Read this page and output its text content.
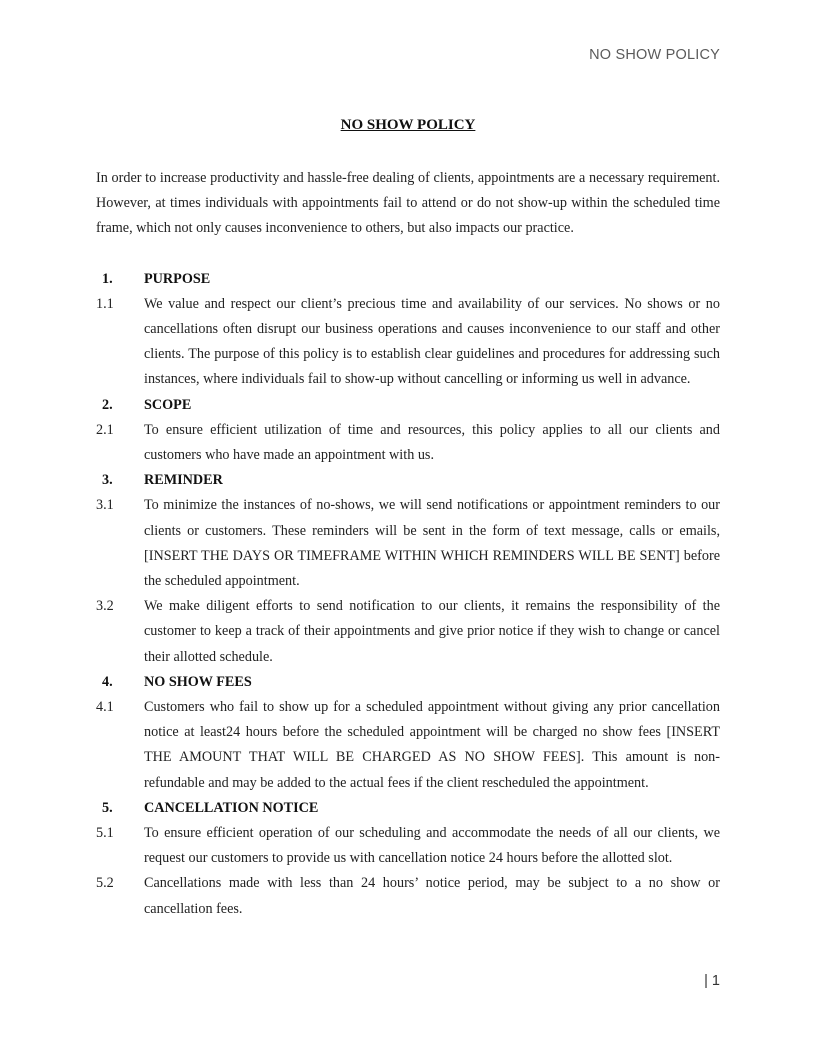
NO SHOW POLICY
NO SHOW POLICY

In order to increase productivity and hassle-free dealing of clients, appointments are a necessary requirement. However, at times individuals with appointments fail to attend or do not show-up within the scheduled time frame, which not only causes inconvenience to others, but also impacts our practice.

1.	PURPOSE
1.1	We value and respect our client’s precious time and availability of our services. No shows or no cancellations often disrupt our business operations and causes inconvenience to our staff and other clients. The purpose of this policy is to establish clear guidelines and procedures for addressing such instances, where individuals fail to show-up without cancelling or informing us well in advance.
2.	SCOPE
2.1	To ensure efficient utilization of time and resources, this policy applies to all our clients and customers who have made an appointment with us.
3.	REMINDER
3.1	To minimize the instances of no-shows, we will send notifications or appointment reminders to our clients or customers. These reminders will be sent in the form of text message, calls or emails, [INSERT THE DAYS OR TIMEFRAME WITHIN WHICH REMINDERS WILL BE SENT] before the scheduled appointment.
3.2	We make diligent efforts to send notification to our clients, it remains the responsibility of the customer to keep a track of their appointments and give prior notice if they wish to change or cancel their allotted schedule.
4.	NO SHOW FEES
4.1	Customers who fail to show up for a scheduled appointment without giving any prior cancellation notice at least24 hours before the scheduled appointment will be charged no show fees [INSERT THE AMOUNT THAT WILL BE CHARGED AS NO SHOW FEES]. This amount is non-refundable and may be added to the actual fees if the client rescheduled the appointment.
5.	CANCELLATION NOTICE
5.1	To ensure efficient operation of our scheduling and accommodate the needs of all our clients, we request our customers to provide us with cancellation notice 24 hours before the allotted slot.
5.2	Cancellations made with less than 24 hours’ notice period, may be subject to a no show or cancellation fees.
| 1
